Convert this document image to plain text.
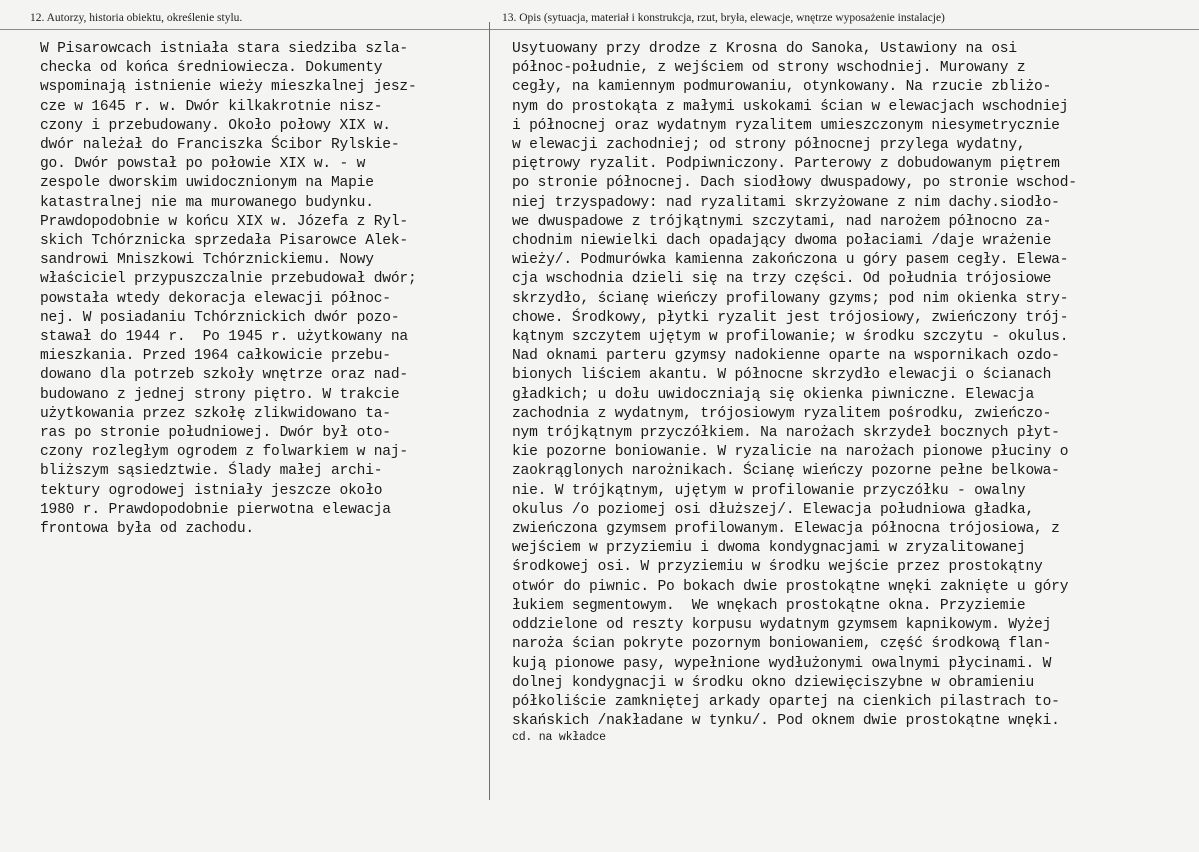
12. Autorzy, historia obiektu, określenie stylu.	13. Opis (sytuacja, materiał i konstrukcja, rzut, bryła, elewacje, wnętrze wyposażenie instalacje)
W Pisarowcach istniała stara siedziba szla-
checka od końca średniowiecza. Dokumenty
wspominają istnienie wieży mieszkalnej jesz-
cze w 1645 r. w. Dwór kilkakrotnie nisz-
czony i przebudowany. Około połowy XIX w.
dwór należał do Franciszka Ścibor Rylskie-
go. Dwór powstał po połowie XIX w. - w
zespole dworskim uwidocznionym na Mapie
katastralnej nie ma murowanego budynku.
Prawdopodobnie w końcu XIX w. Józefa z Ryl-
skich Tchórznicka sprzedała Pisarowce Alek-
sandrowi Mniszkowi Tchórznickiemu. Nowy
właściciel przypuszczalnie przebudował dwór;
powstała wtedy dekoracja elewacji północ-
nej. W posiadaniu Tchórznickich dwór pozo-
stawał do 1944 r.  Po 1945 r. użytkowany na
mieszkania. Przed 1964 całkowicie przebu-
dowano dla potrzeb szkoły wnętrze oraz nad-
budowano z jednej strony piętro. W trakcie
użytkowania przez szkołę zlikwidowano ta-
ras po stronie południowej. Dwór był oto-
czony rozległym ogrodem z folwarkiem w naj-
bliższym sąsiedztwie. Ślady małej archi-
tektury ogrodowej istniały jeszcze około
1980 r. Prawdopodobnie pierwotna elewacja
frontowa była od zachodu.
Usytuowany przy drodze z Krosna do Sanoka, Ustawiony na osi
północ-południe, z wejściem od strony wschodniej. Murowany z
cegły, na kamiennym podmurowaniu, otynkowany. Na rzucie zbliżo-
nym do prostokąta z małymi uskokami ścian w elewacjach wschodniej
i północnej oraz wydatnym ryzalitem umieszczonym niesymetrycznie
w elewacji zachodniej; od strony północnej przylega wydatny,
piętrowy ryzalit. Podpiwniczony. Parterowy z dobudowanym piętrem
po stronie północnej. Dach siodłowy dwuspadowy, po stronie wschod-
niej trzyspadowy: nad ryzalitami skrzyżowane z nim dachy.siodło-
we dwuspadowe z trójkątnymi szczytami, nad narożem północno za-
chodnim niewielki dach opadający dwoma połaciami /daje wrażenie
wieży/. Podmurówka kamienna zakończona u góry pasem cegły. Elewa-
cja wschodnia dzieli się na trzy części. Od południa trójosiowe
skrzydło, ścianę wieńczy profilowany gzyms; pod nim okienka stry-
chowe. Środkowy, płytki ryzalit jest trójosiowy, zwieńczony trój-
kątnym szczytem ujętym w profilowanie; w środku szczytu - okulus.
Nad oknami parteru gzymsy nadokienne oparte na wspornikach ozdo-
bionych liściem akantu. W północne skrzydło elewacji o ścianach
gładkich; u dołu uwidoczniają się okienka piwniczne. Elewacja
zachodnia z wydatnym, trójosiowym ryzalitem pośrodku, zwieńczo-
nym trójkątnym przyczółkiem. Na narożach skrzydeł bocznych płyt-
kie pozorne boniowanie. W ryzalicie na narożach pionowe płuciny o
zaokrąglonych narożnikach. Ścianę wieńczy pozorne pełne belkowa-
nie. W trójkątnym, ujętym w profilowanie przyczółku - owalny
okulus /o poziomej osi dłuższej/. Elewacja południowa gładka,
zwieńczona gzymsem profilowanym. Elewacja północna trójosiowa, z
wejściem w przyziemiu i dwoma kondygnacjami w zryzalitowanej
środkowej osi. W przyziemiu w środku wejście przez prostokątny
otwór do piwnic. Po bokach dwie prostokątne wnęki zaknięte u góry
łukiem segmentowym.  We wnękach prostokątne okna. Przyziemie
oddzielone od reszty korpusu wydatnym gzymsem kapnikowym. Wyżej
naroża ścian pokryte pozornym boniowaniem, część środkową flan-
kują pionowe pasy, wypełnione wydłużonymi owalnymi płycinami. W
dolnej kondygnacji w środku okno dziewięciszybne w obramieniu
półkoliście zamkniętej arkady opartej na cienkich pilastrach to-
skańskich /nakładane w tynku/. Pod oknem dwie prostokątne wnęki.
cd. na wkładce
